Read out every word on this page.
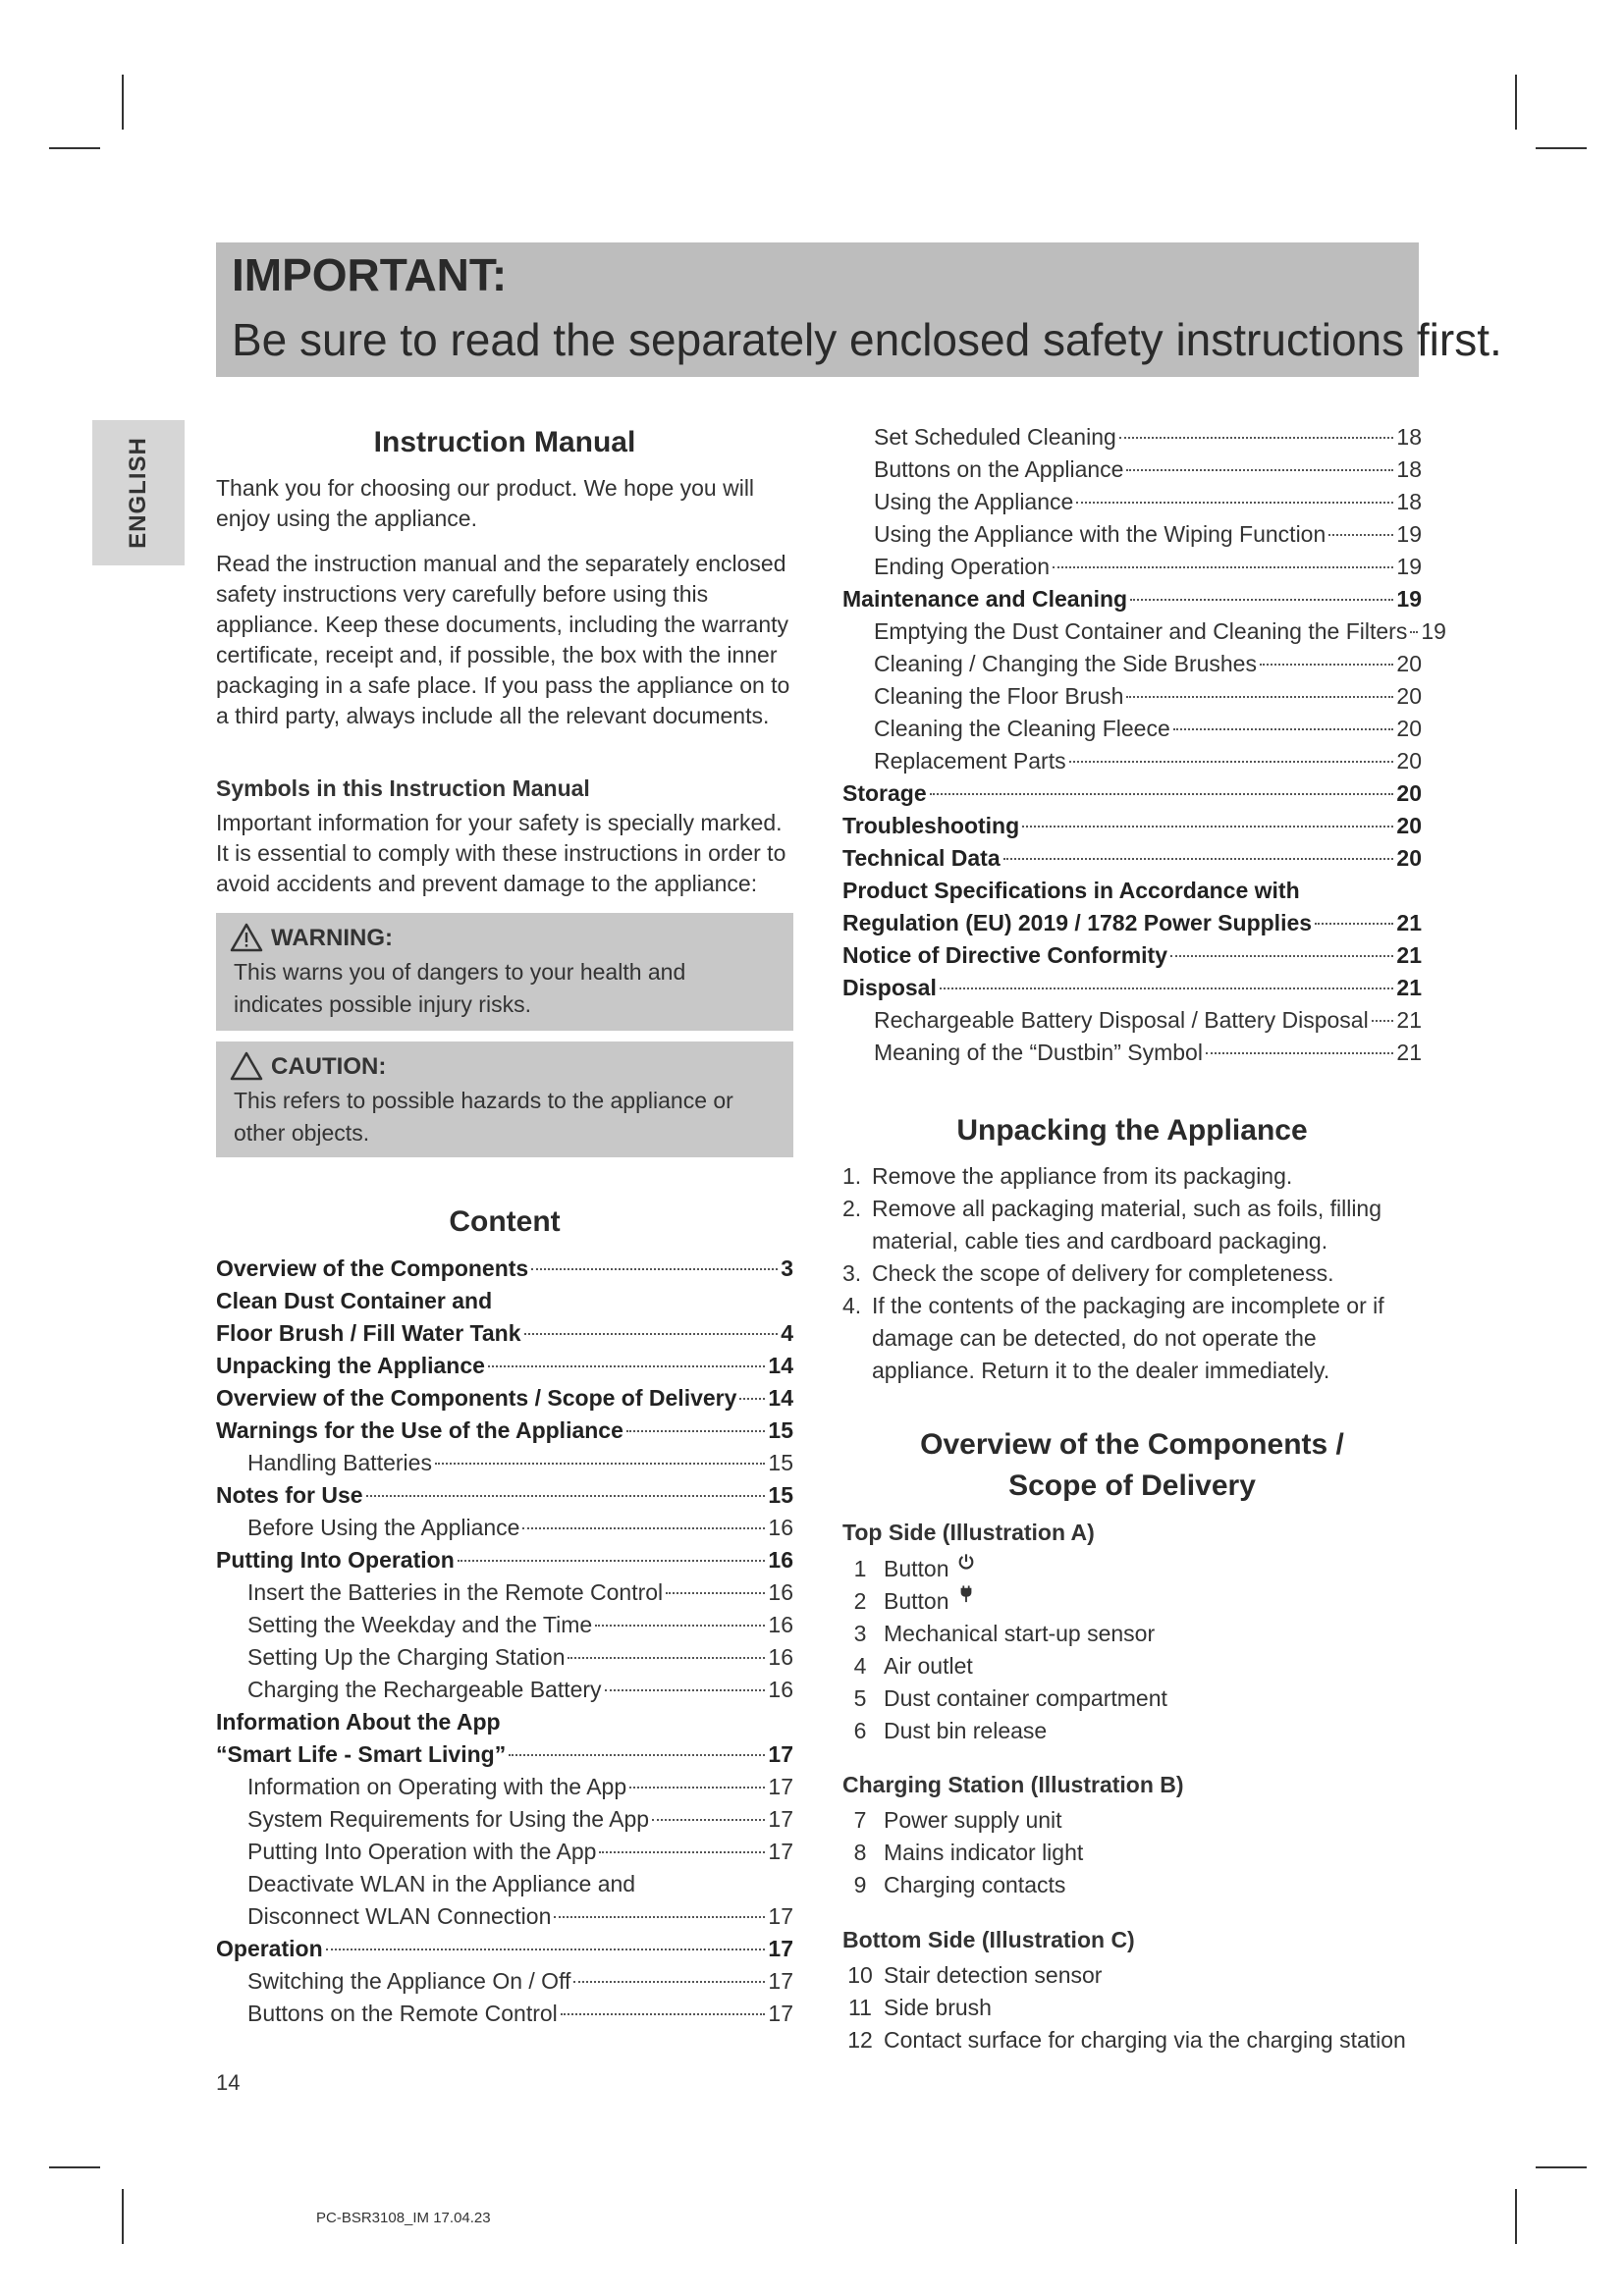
IMPORTANT:
Be sure to read the separately enclosed safety instructions first.
ENGLISH	Instruction Manual
Thank you for choosing our product. We hope you will enjoy using the appliance.
Read the instruction manual and the separately enclosed safety instructions very carefully before using this appliance. Keep these documents, including the warranty certificate, receipt and, if possible, the box with the inner packaging in a safe place. If you pass the appliance on to a third party, always include all the relevant documents.
Symbols in this Instruction Manual
Important information for your safety is specially marked. It is essential to comply with these instructions in order to avoid accidents and prevent damage to the appliance:
WARNING:
This warns you of dangers to your health and indicates possible injury risks.
CAUTION:
This refers to possible hazards to the appliance or other objects.
Content
Overview of the Components	3
Clean Dust Container and
Floor Brush / Fill Water Tank	4
Unpacking the Appliance	14
Overview of the Components / Scope of Delivery 14
Warnings for the Use of the Appliance	15
Handling Batteries	15
Notes for Use	15
Before Using the Appliance	16
Putting Into Operation	16
Insert the Batteries in the Remote Control	16
Setting the Weekday and the Time	16
Setting Up the Charging Station	16
Charging the Rechargeable Battery	16
Information About the App
“Smart Life - Smart Living”	17
Information on Operating with the App	17
System Requirements for Using the App	17
Putting Into Operation with the App	17
Deactivate WLAN in the Appliance and
Disconnect WLAN Connection	17
Operation	17
Switching the Appliance On / Off	17
Buttons on the Remote Control	17
Set Scheduled Cleaning	18
Buttons on the Appliance	18
Using the Appliance	18
Using the Appliance with the Wiping Function	19
Ending Operation	19
Maintenance and Cleaning	19
Emptying the Dust Container and Cleaning the Filters 19
Cleaning / Changing the Side Brushes	20
Cleaning the Floor Brush	20
Cleaning the Cleaning Fleece	20
Replacement Parts	20
Storage	20
Troubleshooting	20
Technical Data	20
Product Specifications in Accordance with
Regulation (EU) 2019 / 1782 Power Supplies	21
Notice of Directive Conformity	21
Disposal	21
Rechargeable Battery Disposal / Battery Disposal 21
Meaning of the “Dustbin” Symbol	21
Unpacking the Appliance
1. Remove the appliance from its packaging.
2. Remove all packaging material, such as foils, filling material, cable ties and cardboard packaging.
3. Check the scope of delivery for completeness.
4. If the contents of the packaging are incomplete or if damage can be detected, do not operate the appliance. Return it to the dealer immediately.
Overview of the Components /
Scope of Delivery
Top Side (Illustration A)
1 Button
2 Button
3 Mechanical start-up sensor
4 Air outlet
5 Dust container compartment
6 Dust bin release
Charging Station (Illustration B)
7 Power supply unit
8 Mains indicator light
9 Charging contacts
Bottom Side (Illustration C)
10 Stair detection sensor
11 Side brush
12 Contact surface for charging via the charging station
14
PC-BSR3108_IM 17.04.23
